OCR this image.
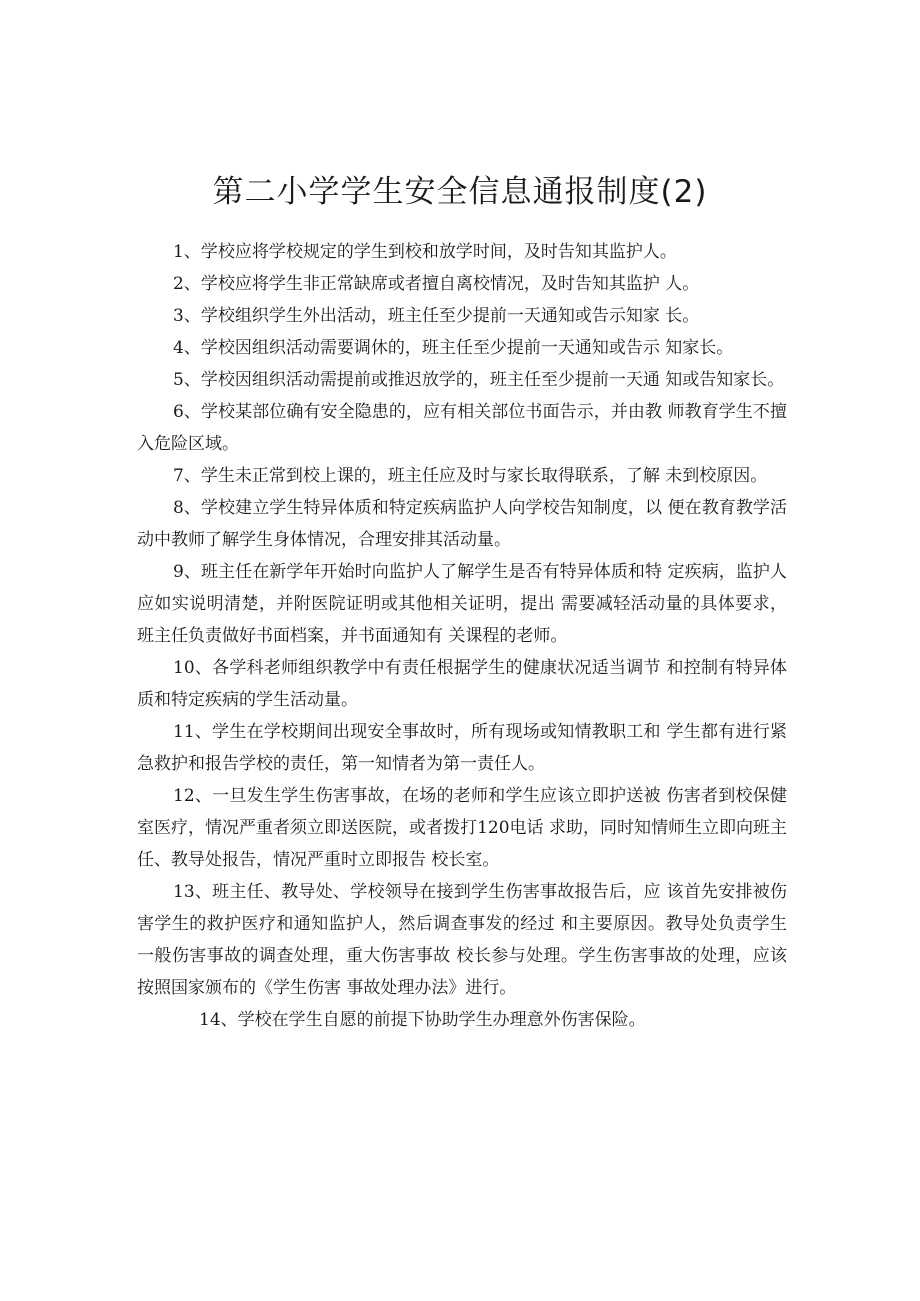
第二小学学生安全信息通报制度(2)

1、学校应将学校规定的学生到校和放学时间，及时告知其监护人。

2、学校应将学生非正常缺席或者擅自离校情况，及时告知其监护 人。

3、学校组织学生外出活动，班主任至少提前一天通知或告示知家 长。

4、学校因组织活动需要调休的，班主任至少提前一天通知或告示 知家长。

5、学校因组织活动需提前或推迟放学的，班主任至少提前一天通 知或告知家长。

6、学校某部位确有安全隐患的，应有相关部位书面告示，并由教 师教育学生不擅入危险区域。

7、学生未正常到校上课的，班主任应及时与家长取得联系，了解 未到校原因。

8、学校建立学生特异体质和特定疾病监护人向学校告知制度，以 便在教育教学活动中教师了解学生身体情况，合理安排其活动量。

9、班主任在新学年开始时向监护人了解学生是否有特异体质和特 定疾病，监护人应如实说明清楚，并附医院证明或其他相关证明，提出 需要减轻活动量的具体要求，班主任负责做好书面档案，并书面通知有 关课程的老师。

10、各学科老师组织教学中有责任根据学生的健康状况适当调节 和控制有特异体质和特定疾病的学生活动量。

11、学生在学校期间出现安全事故时，所有现场或知情教职工和 学生都有进行紧急救护和报告学校的责任，第一知情者为第一责任人。

12、一旦发生学生伤害事故，在场的老师和学生应该立即护送被 伤害者到校保健室医疗，情况严重者须立即送医院，或者拨打120电话 求助，同时知情师生立即向班主任、教导处报告，情况严重时立即报告 校长室。

13、班主任、教导处、学校领导在接到学生伤害事故报告后，应 该首先安排被伤害学生的救护医疗和通知监护人，然后调查事发的经过 和主要原因。教导处负责学生一般伤害事故的调查处理，重大伤害事故 校长参与处理。学生伤害事故的处理，应该按照国家颁布的《学生伤害 事故处理办法》进行。

14、学校在学生自愿的前提下协助学生办理意外伤害保险。
